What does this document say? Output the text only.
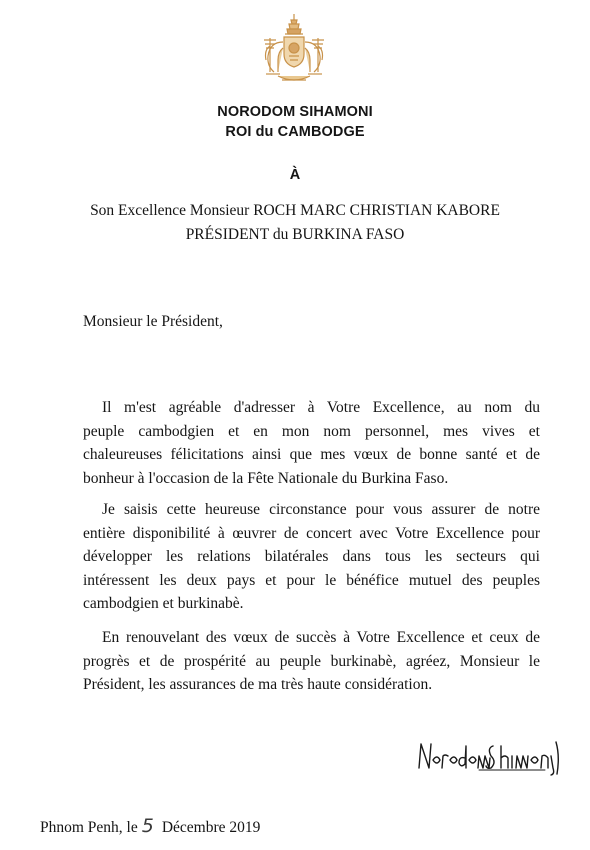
NORODOM SIHAMONI
ROI du CAMBODGE
À
Son Excellence Monsieur ROCH MARC CHRISTIAN KABORE
PRÉSIDENT du BURKINA FASO
Monsieur le Président,
Il m'est agréable d'adresser à Votre Excellence, au nom du
peuple cambodgien et en mon nom personnel, mes vives et
chaleureuses félicitations ainsi que mes vœux de bonne santé et de
bonheur à l'occasion de la Fête Nationale du Burkina Faso.
Je saisis cette heureuse circonstance pour vous assurer de notre
entière disponibilité à œuvrer de concert avec Votre Excellence pour
développer les relations bilatérales dans tous les secteurs qui
intéressent les deux pays et pour le bénéfice mutuel des peuples
cambodgien et burkinabè.
En renouvelant des vœux de succès à Votre Excellence et ceux de
progrès et de prospérité au peuple burkinabè, agréez, Monsieur le
Président, les assurances de ma très haute considération.
Phnom Penh, le 5 Décembre 2019
